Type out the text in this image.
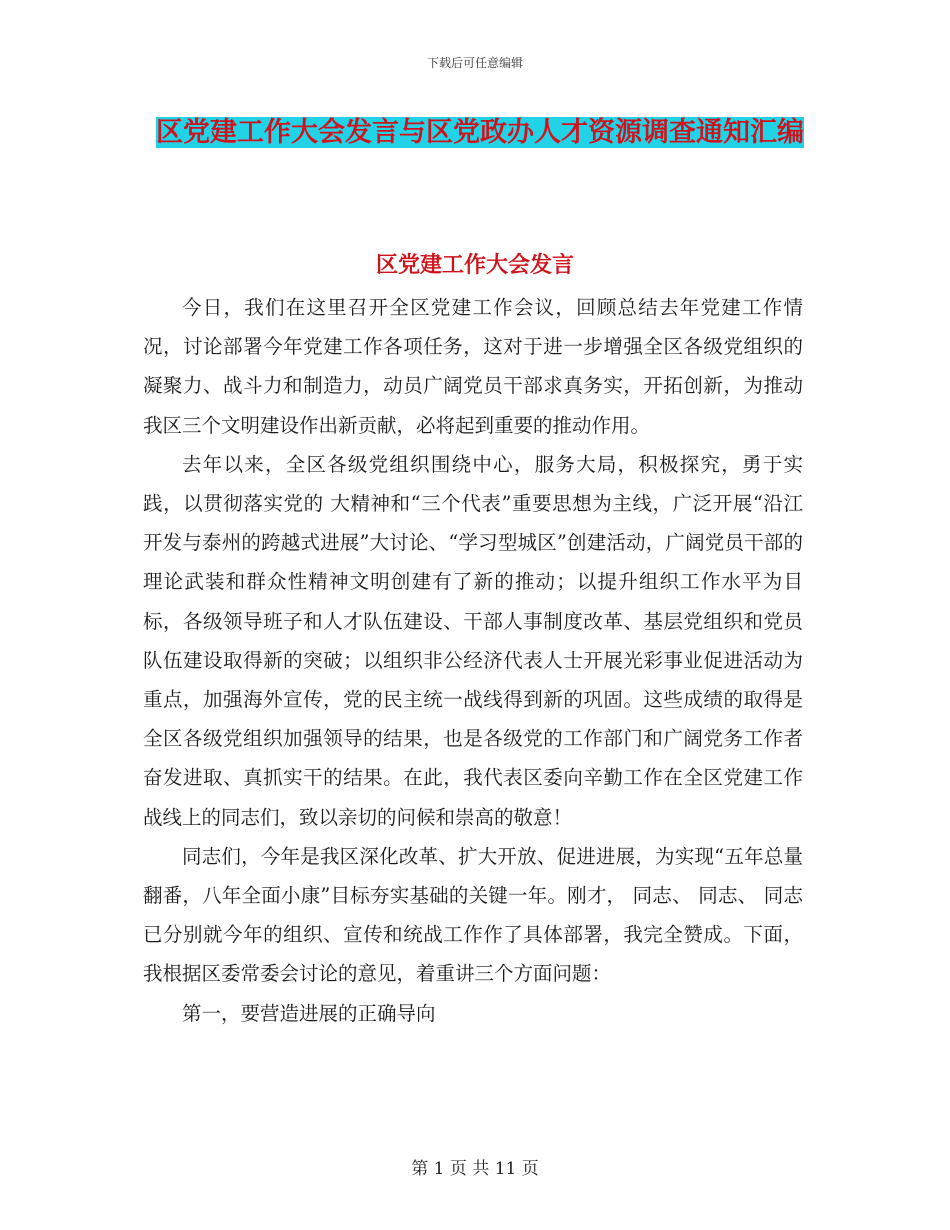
下载后可任意编辑
区党建工作大会发言与区党政办人才资源调查通知汇编
区党建工作大会发言

今日，我们在这里召开全区党建工作会议，回顾总结去年党建工作情况，讨论部署今年党建工作各项任务，这对于进一步增强全区各级党组织的凝聚力、战斗力和制造力，动员广阔党员干部求真务实，开拓创新，为推动我区三个文明建设作出新贡献，必将起到重要的推动作用。

去年以来，全区各级党组织围绕中心，服务大局，积极探究，勇于实践，以贯彻落实党的 大精神和“三个代表”重要思想为主线，广泛开展“沿江开发与泰州的跨越式进展”大讨论、“学习型城区”创建活动，广阔党员干部的理论武装和群众性精神文明创建有了新的推动；以提升组织工作水平为目标，各级领导班子和人才队伍建设、干部人事制度改革、基层党组织和党员队伍建设取得新的突破；以组织非公经济代表人士开展光彩事业促进活动为重点，加强海外宣传，党的民主统一战线得到新的巩固。这些成绩的取得是全区各级党组织加强领导的结果，也是各级党的工作部门和广阔党务工作者奋发进取、真抓实干的结果。在此，我代表区委向辛勤工作在全区党建工作战线上的同志们，致以亲切的问候和崇高的敬意！

同志们，今年是我区深化改革、扩大开放、促进进展，为实现“五年总量翻番，八年全面小康”目标夯实基础的关键一年。刚才， 同志、 同志、 同志已分别就今年的组织、宣传和统战工作作了具体部署，我完全赞成。下面，我根据区委常委会讨论的意见，着重讲三个方面问题：

第一，要营造进展的正确导向

第 1 页 共 11 页
